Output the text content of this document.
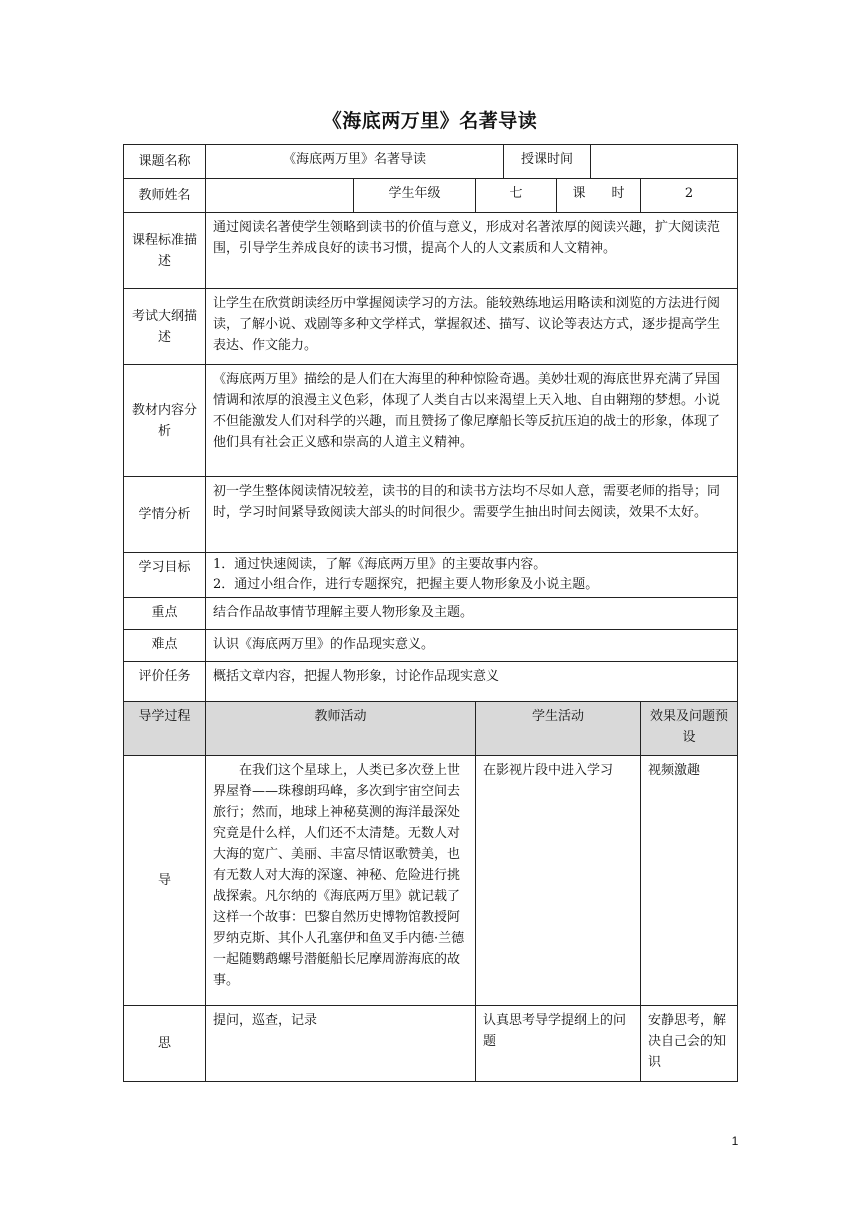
《海底两万里》名著导读
课题名称	《海底两万里》名著导读			授课时间			
教师姓名		学生年级	七		课　　时		2
课程标准描述	通过阅读名著使学生领略到读书的价值与意义，形成对名著浓厚的阅读兴趣，扩大阅读范围，引导学生养成良好的读书习惯，提高个人的人文素质和人文精神。						
考试大纲描述	让学生在欣赏朗读经历中掌握阅读学习的方法。能较熟练地运用略读和浏览的方法进行阅读，了解小说、戏剧等多种文学样式，掌握叙述、描写、议论等表达方式，逐步提高学生表达、作文能力。						
教材内容分析	《海底两万里》描绘的是人们在大海里的种种惊险奇遇。美妙壮观的海底世界充满了异国情调和浓厚的浪漫主义色彩，体现了人类自古以来渴望上天入地、自由翱翔的梦想。小说不但能激发人们对科学的兴趣，而且赞扬了像尼摩船长等反抗压迫的战士的形象，体现了他们具有社会正义感和崇高的人道主义精神。						
学情分析	初一学生整体阅读情况较差，读书的目的和读书方法均不尽如人意，需要老师的指导；同时，学习时间紧导致阅读大部头的时间很少。需要学生抽出时间去阅读，效果不太好。						
学习目标	1．通过快速阅读，了解《海底两万里》的主要故事内容。
2．通过小组合作，进行专题探究，把握主要人物形象及小说主题。						

重点	结合作品故事情节理解主要人物形象及主题。						
难点	认识《海底两万里》的作品现实意义。						
评价任务	概括文章内容，把握人物形象，讨论作品现实意义						
导学过程	教师活动		学生活动				效果及问题预设
导	在我们这个星球上，人类已多次登上世界屋脊——珠穆朗玛峰，多次到宇宙空间去旅行；然而，地球上神秘莫测的海洋最深处究竟是什么样，人们还不太清楚。无数人对大海的宽广、美丽、丰富尽情讴歌赞美，也有无数人对大海的深邃、神秘、危险进行挑战探索。凡尔纳的《海底两万里》就记载了这样一个故事：巴黎自然历史博物馆教授阿罗纳克斯、其仆人孔塞伊和鱼叉手内德·兰德一起随鹦鹉螺号潜艇船长尼摩周游海底的故事。		在影视片段中进入学习				视频激趣
思	提问，巡查，记录		认真思考导学提纲上的问题				安静思考，解决自己会的知识
1
